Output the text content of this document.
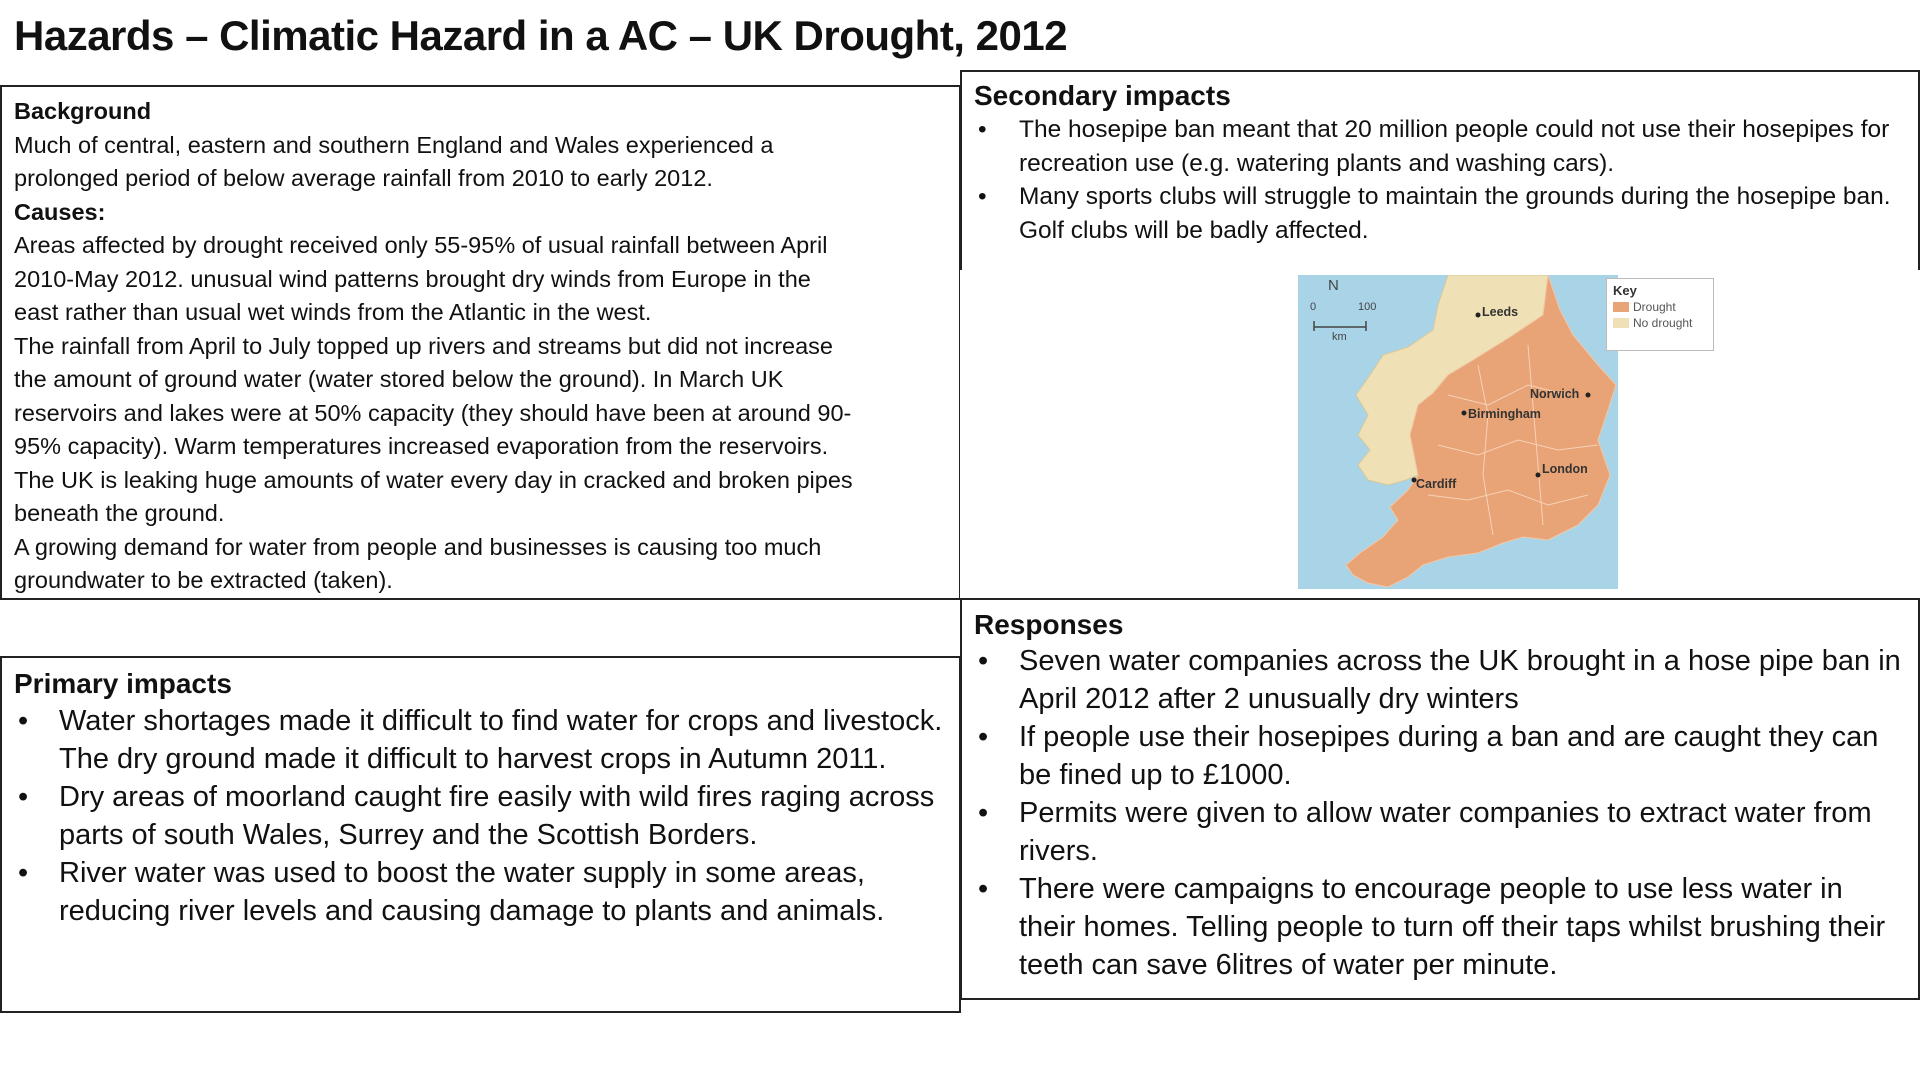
Hazards – Climatic Hazard in a AC – UK Drought, 2012
Background
Much of central, eastern and southern England and Wales experienced a
prolonged period of below average rainfall from 2010 to early 2012.
Causes:
Areas affected by drought received only 55-95% of usual rainfall between April
2010-May 2012. unusual wind patterns brought dry winds from Europe in the
east rather than usual wet winds from the Atlantic in the west.
The rainfall from April to July topped up rivers and streams but did not increase
the amount of ground water (water stored below the ground). In March UK
reservoirs and lakes were at 50% capacity (they should have been at around 90-
95% capacity). Warm temperatures increased evaporation from the reservoirs.
The UK is leaking huge amounts of water every day in cracked and broken pipes
beneath the ground.
A growing demand for water from people and businesses is causing too much
groundwater to be extracted (taken).
Secondary impacts
• The hosepipe ban meant that 20 million people could not use their hosepipes for recreation use (e.g. watering plants and washing cars).
• Many sports clubs will struggle to maintain the grounds during the hosepipe ban. Golf clubs will be badly affected.
N
0	100
km
Leeds
Norwich
Birmingham
London
Cardiff
Key
Drought
No drought
Primary impacts
• Water shortages made it difficult to find water for crops and livestock. The dry ground made it difficult to harvest crops in Autumn 2011.
• Dry areas of moorland caught fire easily with wild fires raging across parts of south Wales, Surrey and the Scottish Borders.
• River water was used to boost the water supply in some areas, reducing river levels and causing damage to plants and animals.
Responses
• Seven water companies across the UK brought in a hose pipe ban in April 2012 after 2 unusually dry winters
• If people use their hosepipes during a ban and are caught they can be fined up to £1000.
• Permits were given to allow water companies to extract water from rivers.
• There were campaigns to encourage people to use less water in their homes. Telling people to turn off their taps whilst brushing their teeth can save 6litres of water per minute.
